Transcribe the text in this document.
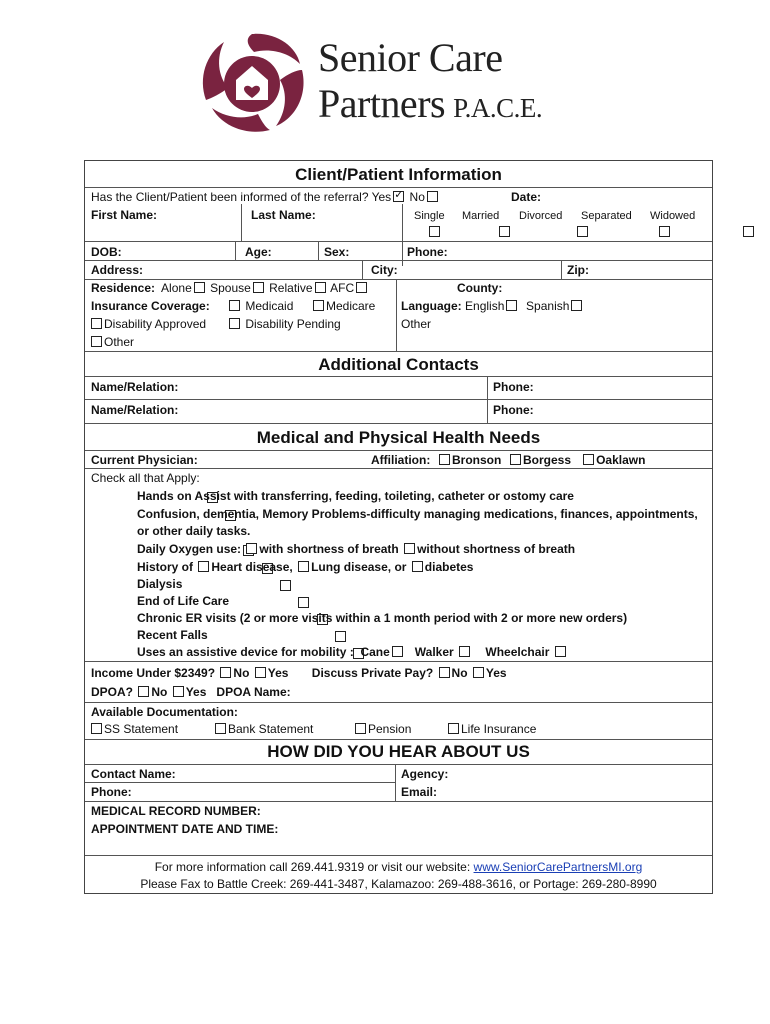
Senior Care
Partners P.A.C.E.
Client/Patient Information
Has the Client/Patient been informed of the referral? Yes✓ No	Date:
First Name:	Last Name:	Single Married Divorced Separated Widowed

DOB:	Age:	Sex:	Phone:
Address:	City:	Zip:
Residence: Alone Spouse Relative AFC	County:
Insurance Coverage:	Medicaid	Medicare Language: English Spanish
Disability Approved	Disability Pending	Other
Other
Additional Contacts
Name/Relation:	Phone:
Name/Relation:	Phone:
Medical and Physical Health Needs
Current Physician:	Affiliation: Bronson Borgess Oaklawn
Check all that Apply:

Hands on Assist with transferring, feeding, toileting, catheter or ostomy care

Confusion, dementia, Memory Problems-difficulty managing medications, finances, appointments,
or other daily tasks.

Daily Oxygen use: with shortness of breath without shortness of breath

History of Heart disease, Lung disease, or diabetes

Dialysis

End of Life Care

Chronic ER visits (2 or more visits within a 1 month period with 2 or more new orders)

Recent Falls
Uses an assistive device for mobility : Cane Walker	Wheelchair
Income Under $2349? No Yes Discuss Private Pay? No Yes
DPOA? No Yes DPOA Name:
Available Documentation:
SS Statement	Bank Statement	Pension	Life Insurance
HOW DID YOU HEAR ABOUT US
Contact Name:	Agency:
Phone:	Email:
MEDICAL RECORD NUMBER:
APPOINTMENT DATE AND TIME:
For more information call 269.441.9319 or visit our website: www.SeniorCarePartnersMI.org
Please Fax to Battle Creek: 269-441-3487, Kalamazoo: 269-488-3616, or Portage: 269-280-8990
